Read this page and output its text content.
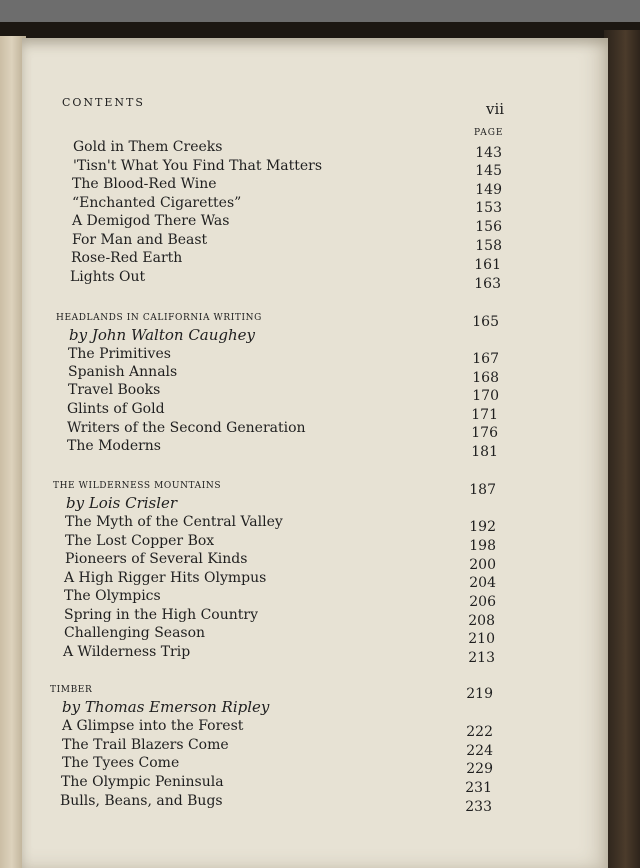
CONTENTS	vii
PAGE
Gold in Them Creeks	143
'Tisn't What You Find That Matters	145
The Blood-Red Wine	149
“Enchanted Cigarettes”	153
A Demigod There Was	156
For Man and Beast	158
Rose-Red Earth	161
Lights Out	163
HEADLANDS IN CALIFORNIA WRITING	165
by John Walton Caughey
The Primitives	167
Spanish Annals	168
Travel Books	170
Glints of Gold	171
Writers of the Second Generation	176
The Moderns	181
THE WILDERNESS MOUNTAINS	187
by Lois Crisler
The Myth of the Central Valley	192
The Lost Copper Box	198
Pioneers of Several Kinds	200
A High Rigger Hits Olympus	204
The Olympics	206
Spring in the High Country	208
Challenging Season	210
A Wilderness Trip	213
TIMBER	219
by Thomas Emerson Ripley
A Glimpse into the Forest	222
The Trail Blazers Come	224
The Tyees Come	229
The Olympic Peninsula	231
Bulls, Beans, and Bugs	233
